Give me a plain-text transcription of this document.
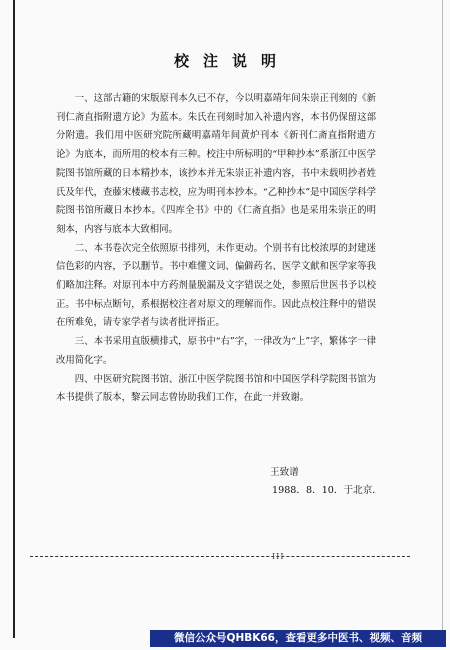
校注说明

一、这部古籍的宋版原刊本久已不存，今以明嘉靖年间朱崇正刊刻的《新刊仁斋直指附遗方论》为蓝本。朱氏在刊刻时加入补遗内容，本书仍保留这部分附遗。我们用中医研究院所藏明嘉靖年间黄炉刊本《新刊仁斋直指附遗方论》为底本，而所用的校本有三种。校注中所标明的“甲种抄本”系浙江中医学院图书馆所藏的日本精抄本，该抄本并无朱崇正补遗内容，书中未载明抄者姓氏及年代，查藤宋楼藏书志校，应为明刊本抄本。“乙种抄本”是中国医学科学院图书馆所藏日本抄本。《四库全书》中的《仁斋直指》也是采用朱崇正的明刻本，内容与底本大致相同。

二、本书卷次完全依照原书排列，未作更动。个别书有比校浓厚的封建迷信色彩的内容，予以删节。书中难懂文词、偏僻药名、医学文献和医学家等我们略加注释。对原刊本中方药剂量脱漏及文字错误之处，参照后世医书予以校正。书中标点断句，系根据校注者对原文的理解而作。因此点校注释中的错误在所难免，请专家学者与读者批评指正。

三、本书采用直版横排式，原书中“右”字，一律改为“上”字，繁体字一律改用简化字。

四、中医研究院图书馆、浙江中医学院图书馆和中国医学科学院图书馆为本书提供了版本，黎云同志曾协助我们工作，在此一并致谢。

王致谱
1988．8．10．于北京．
III
微信公众号QHBK66，查看更多中医书、视频、音频
